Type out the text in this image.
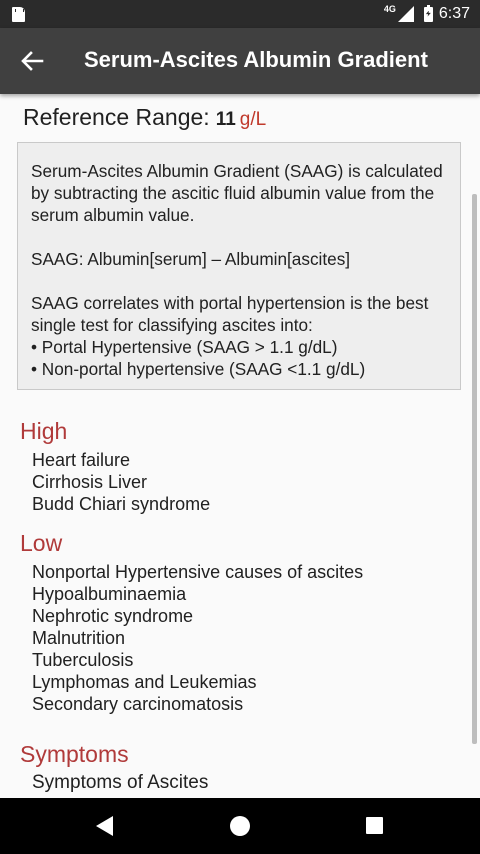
4G	6:37
Serum-Ascites Albumin Gradient
Reference Range: 11 g/L

Serum-Ascites Albumin Gradient (SAAG) is calculated by subtracting the ascitic fluid albumin value from the serum albumin value.

SAAG: Albumin[serum] – Albumin[ascites]

SAAG correlates with portal hypertension is the best single test for classifying ascites into:
• Portal Hypertensive (SAAG > 1.1 g/dL)
• Non-portal hypertensive (SAAG <1.1 g/dL)

High
Heart failure
Cirrhosis Liver
Budd Chiari syndrome
Low
Nonportal Hypertensive causes of ascites
Hypoalbuminaemia
Nephrotic syndrome
Malnutrition
Tuberculosis
Lymphomas and Leukemias
Secondary carcinomatosis
Symptoms
Symptoms of Ascites
